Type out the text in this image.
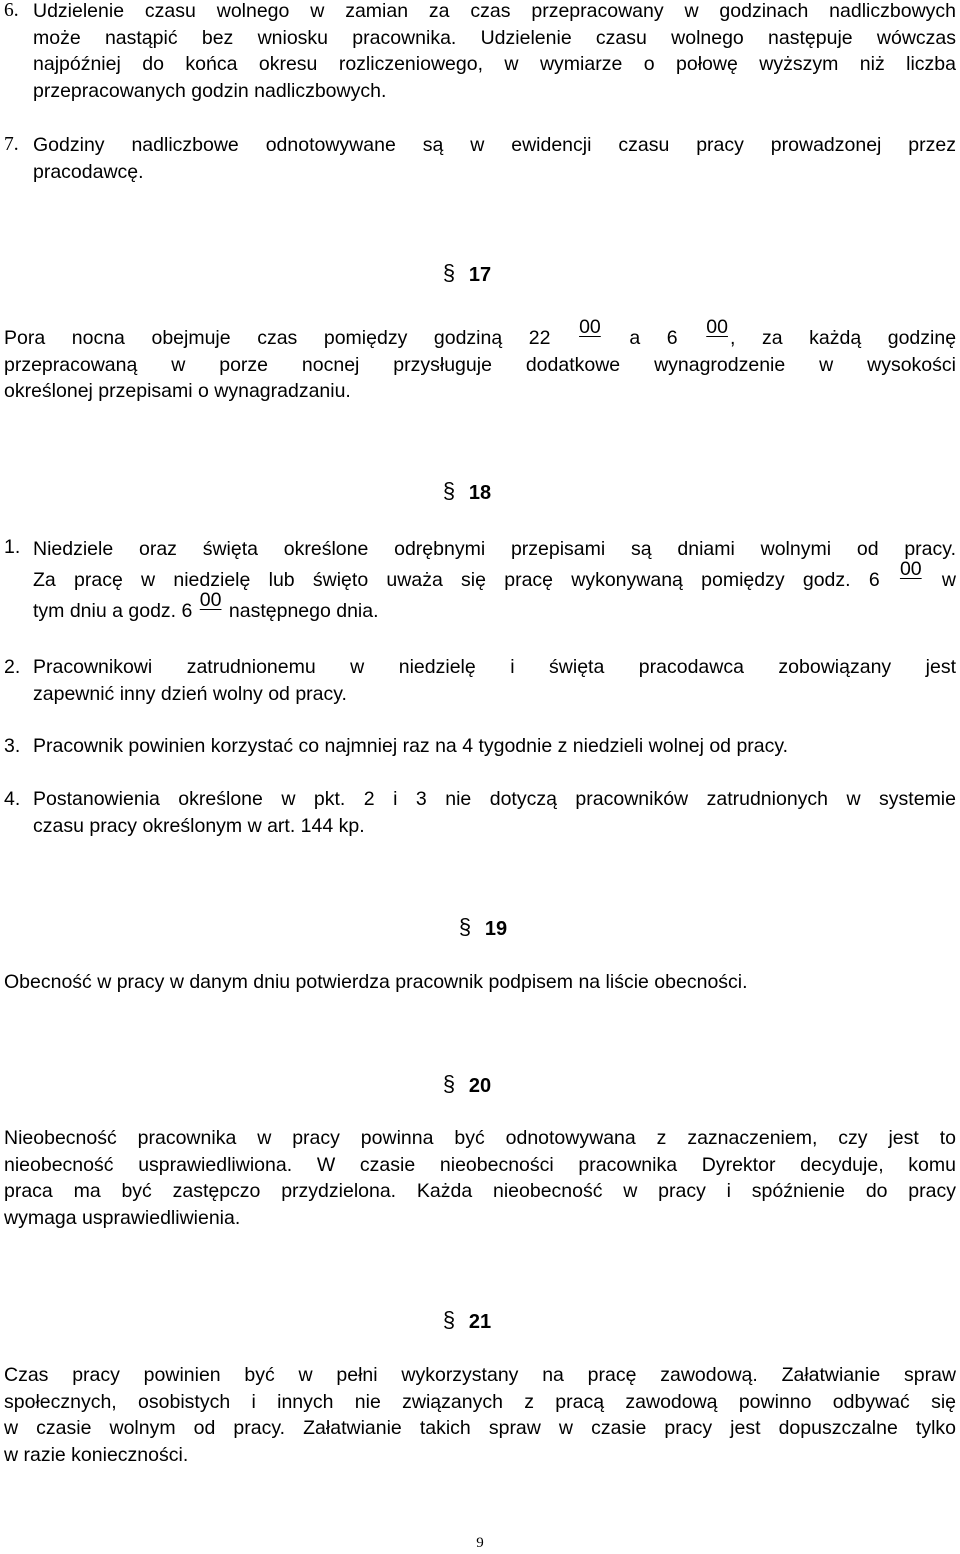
6. Udzielenie czasu wolnego w zamian za czas przepracowany w godzinach nadliczbowych
może nastąpić bez wniosku pracownika. Udzielenie czasu wolnego następuje wówczas
najpóźniej do końca okresu rozliczeniowego, w wymiarze o połowę wyższym niż liczba
przepracowanych godzin nadliczbowych.
7. Godziny nadliczbowe odnotowywane są w ewidencji czasu pracy prowadzonej przez
pracodawcę.
§ 17
Pora nocna obejmuje czas pomiędzy godziną 22 00 a 6 00 , za każdą godzinę
przepracowaną w porze nocnej przysługuje dodatkowe wynagrodzenie w wysokości
określonej przepisami o wynagradzaniu.
§ 18
1. Niedziele oraz święta określone odrębnymi przepisami są dniami wolnymi od pracy.
Za pracę w niedzielę lub święto uważa się pracę wykonywaną pomiędzy godz. 6 00 w
tym dniu a godz. 6 00 następnego dnia.
2. Pracownikowi zatrudnionemu w niedzielę i święta pracodawca zobowiązany jest
zapewnić inny dzień wolny od pracy.
3. Pracownik powinien korzystać co najmniej raz na 4 tygodnie z niedzieli wolnej od pracy.
4. Postanowienia określone w pkt. 2 i 3 nie dotyczą pracowników zatrudnionych w systemie
czasu pracy określonym w art. 144 kp.
§ 19
Obecność w pracy w danym dniu potwierdza pracownik podpisem na liście obecności.
§ 20
Nieobecność pracownika w pracy powinna być odnotowywana z zaznaczeniem, czy jest to
nieobecność usprawiedliwiona. W czasie nieobecności pracownika Dyrektor decyduje, komu
praca ma być zastępczo przydzielona. Każda nieobecność w pracy i spóźnienie do pracy
wymaga usprawiedliwienia.
§ 21
Czas pracy powinien być w pełni wykorzystany na pracę zawodową. Załatwianie spraw
społecznych, osobistych i innych nie związanych z pracą zawodową powinno odbywać się
w czasie wolnym od pracy. Załatwianie takich spraw w czasie pracy jest dopuszczalne tylko
w razie konieczności.
9
